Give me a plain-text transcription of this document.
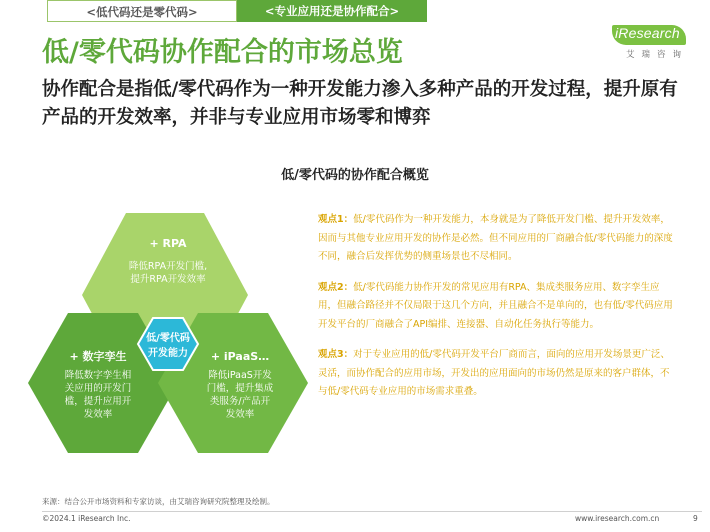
<低代码还是零代码>	<专业应用还是协作配合>
iResearch
艾瑞咨询
低/零代码协作配合的市场总览
协作配合是指低/零代码作为一种开发能力渗入多种产品的开发过程，提升原有产品的开发效率，并非与专业应用市场零和博弈
低/零代码的协作配合概览
+ RPA
降低RPA开发门槛,
提升RPA开发效率
+ 数字孪生
降低数字孪生相
关应用的开发门
槛，提升应用开
发效率
+ iPaaS…
降低iPaaS开发
门槛，提升集成
类服务/产品开
发效率
低/零代码
开发能力
观点1：低/零代码作为一种开发能力，本身就是为了降低开发门槛、提升开发效率，因而与其他专业应用开发的协作是必然。但不同应用的厂商融合低/零代码能力的深度不同，融合后发挥优势的侧重场景也不尽相同。
观点2：低/零代码能力协作开发的常见应用有RPA、集成类服务应用、数字孪生应用，但融合路径并不仅局限于这几个方向，并且融合不是单向的，也有低/零代码应用开发平台的厂商融合了API编排、连接器、自动化任务执行等能力。
观点3：对于专业应用的低/零代码开发平台厂商而言，面向的应用开发场景更广泛、灵活，而协作配合的应用市场，开发出的应用面向的市场仍然是原来的客户群体，不与低/零代码专业应用的市场需求重叠。
来源：结合公开市场资料和专家访谈，由艾瑞咨询研究院整理及绘制。
©2024.1 iResearch Inc.	www.iresearch.com.cn	9
